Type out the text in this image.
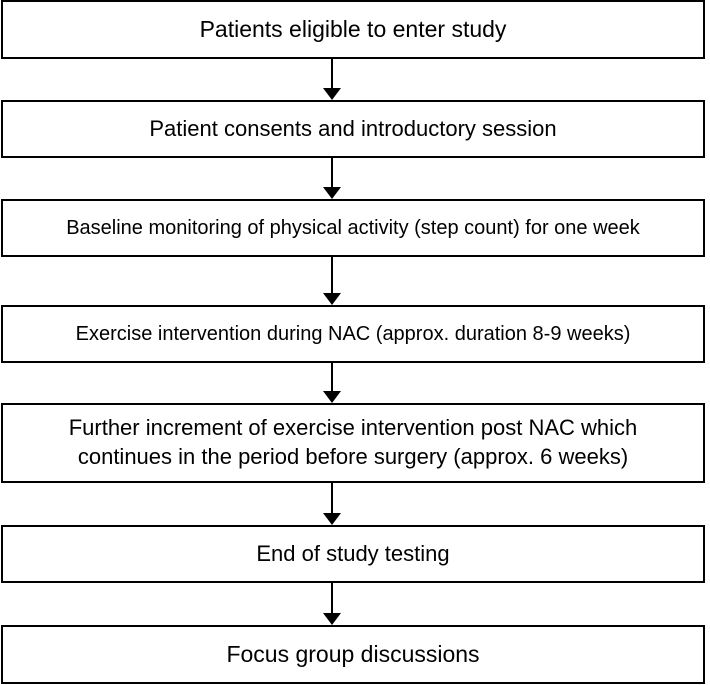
Patients eligible to enter study
Patient consents and introductory session
Baseline monitoring of physical activity (step count) for one week
Exercise intervention during NAC (approx. duration 8-9 weeks)
Further increment of exercise intervention post NAC which continues in the period before surgery (approx. 6 weeks)
End of study testing
Focus group discussions
